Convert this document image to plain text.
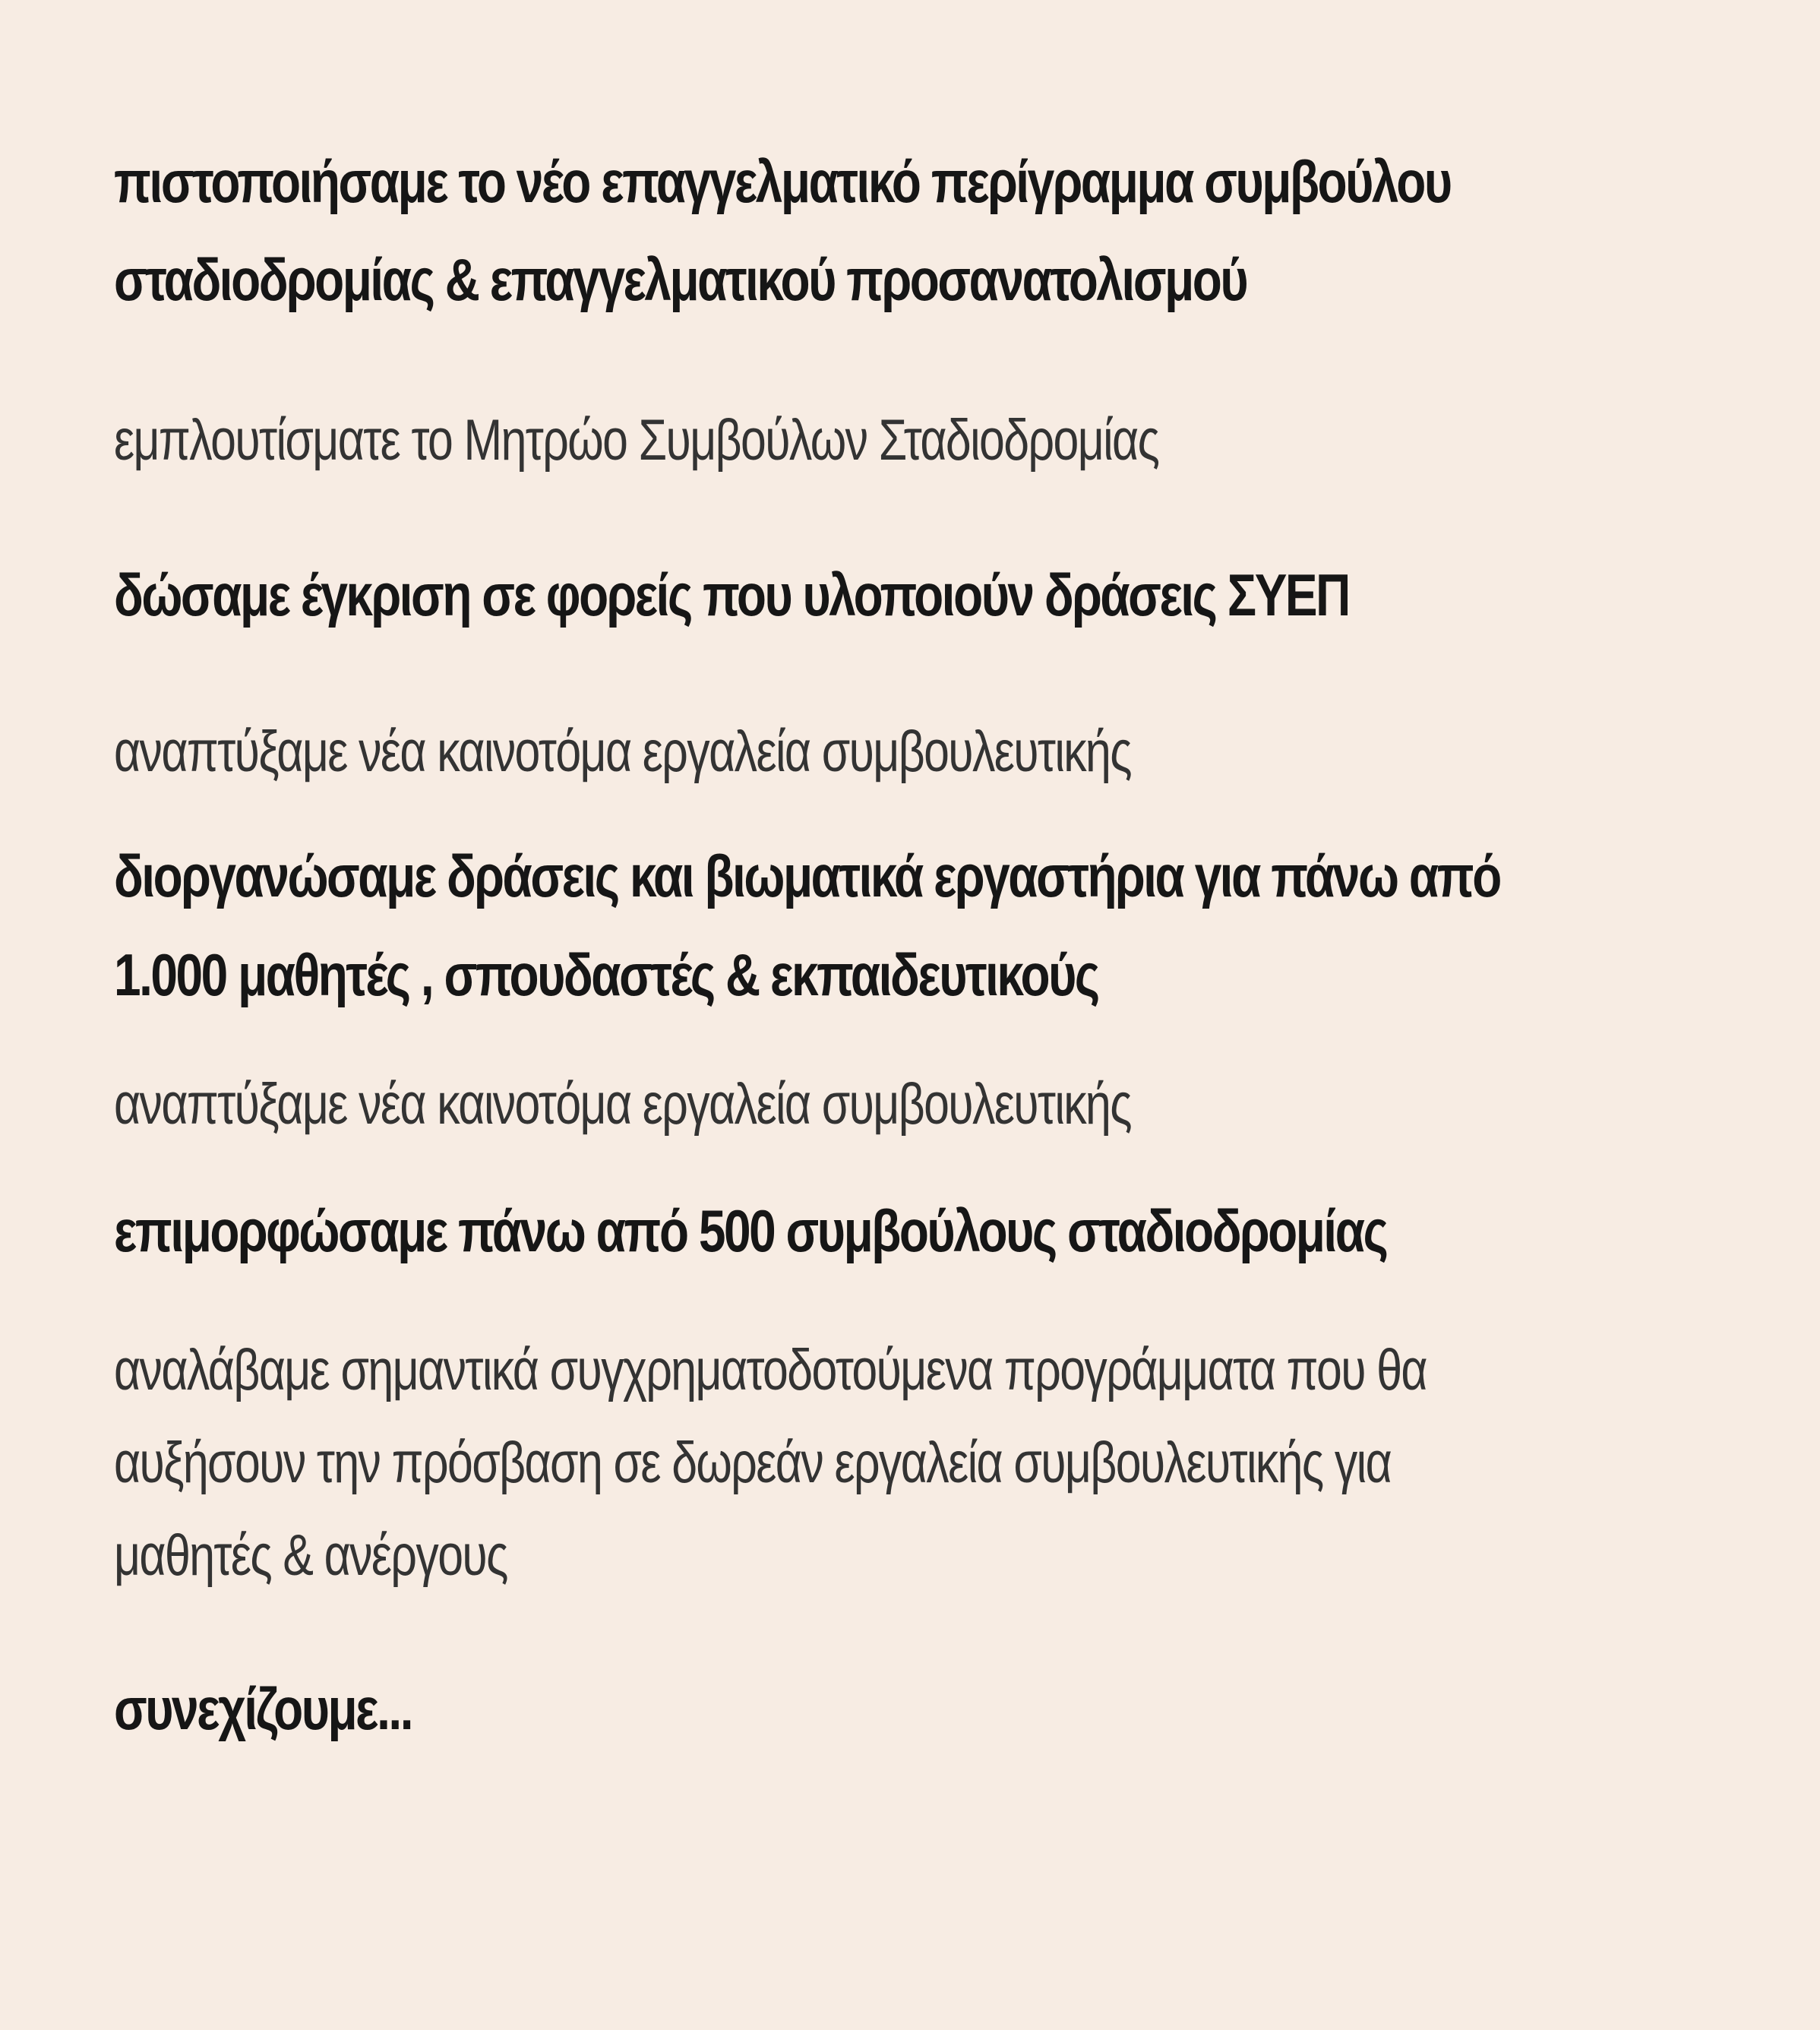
πιστοποιήσαμε το νέο επαγγελματικό περίγραμμα συμβούλου

σταδιοδρομίας & επαγγελματικού προσανατολισμού

εμπλουτίσματε το Μητρώο Συμβούλων Σταδιοδρομίας

δώσαμε έγκριση σε φορείς που υλοποιούν δράσεις ΣΥΕΠ

αναπτύξαμε νέα καινοτόμα εργαλεία συμβουλευτικής

διοργανώσαμε δράσεις και βιωματικά εργαστήρια για πάνω από

1.000 μαθητές , σπουδαστές & εκπαιδευτικούς

αναπτύξαμε νέα καινοτόμα εργαλεία συμβουλευτικής

επιμορφώσαμε πάνω από 500 συμβούλους σταδιοδρομίας

αναλάβαμε σημαντικά συγχρηματοδοτούμενα προγράμματα που θα

αυξήσουν την πρόσβαση σε δωρεάν εργαλεία συμβουλευτικής για

μαθητές & ανέργους

συνεχίζουμε...
